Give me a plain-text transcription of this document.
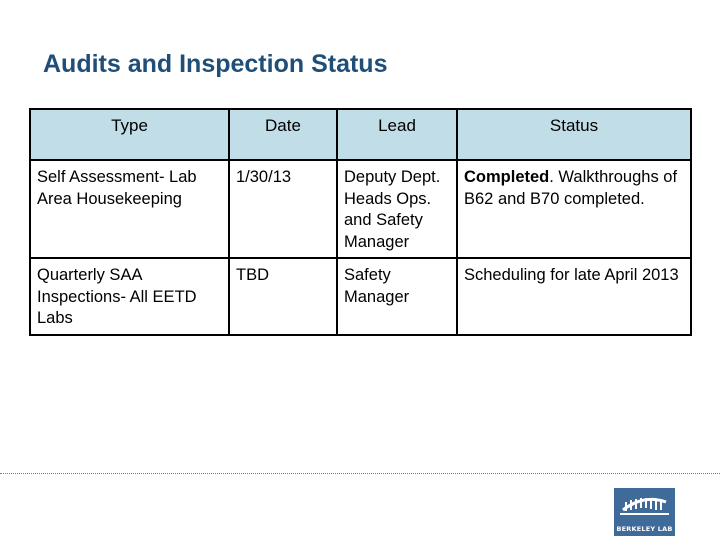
Audits and Inspection Status
Type	Date	Lead	Status
Self Assessment- Lab Area Housekeeping	1/30/13	Deputy Dept. Heads Ops. and Safety Manager	Completed. Walkthroughs of B62 and B70 completed.
Quarterly SAA Inspections- All EETD Labs	TBD	Safety Manager	Scheduling for late April 2013
BERKELEY LAB
